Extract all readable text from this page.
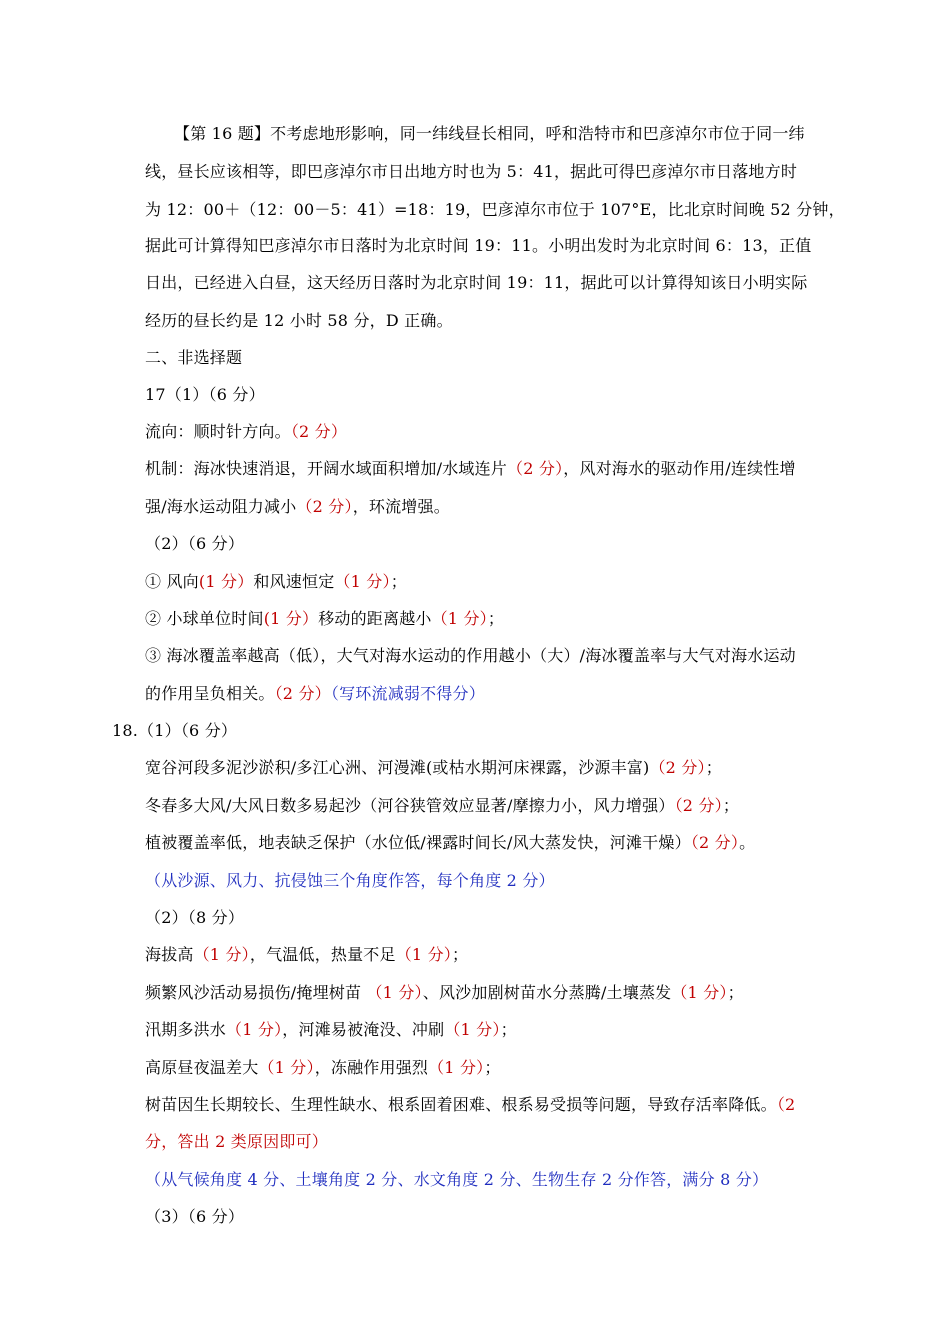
【第 16 题】不考虑地形影响，同一纬线昼长相同，呼和浩特市和巴彦淖尔市位于同一纬
线，昼长应该相等，即巴彦淖尔市日出地方时也为 5：41，据此可得巴彦淖尔市日落地方时
为 12：00＋（12：00－5：41）=18：19，巴彦淖尔市位于 107°E，比北京时间晚 52 分钟，
据此可计算得知巴彦淖尔市日落时为北京时间 19：11。小明出发时为北京时间 6：13，正值
日出，已经进入白昼，这天经历日落时为北京时间 19：11，据此可以计算得知该日小明实际
经历的昼长约是 12 小时 58 分，D 正确。
二、非选择题
17（1）（6 分）
流向：顺时针方向。（2 分）
机制：海冰快速消退，开阔水域面积增加/水域连片（2 分），风对海水的驱动作用/连续性增
强/海水运动阻力减小（2 分），环流增强。
（2）（6 分）
① 风向(1 分）和风速恒定（1 分）；
② 小球单位时间(1 分）移动的距离越小（1 分）；
③ 海冰覆盖率越高（低），大气对海水运动的作用越小（大）/海冰覆盖率与大气对海水运动
的作用呈负相关。（2 分）（写环流减弱不得分）
18.（1）（6 分）
宽谷河段多泥沙淤积/多江心洲、河漫滩(或枯水期河床裸露，沙源丰富)（2 分）；
冬春多大风/大风日数多易起沙（河谷狭管效应显著/摩擦力小，风力增强）（2 分）；
植被覆盖率低，地表缺乏保护（水位低/裸露时间长/风大蒸发快，河滩干燥）（2 分）。
（从沙源、风力、抗侵蚀三个角度作答，每个角度 2 分）
（2）（8 分）
海拔高（1 分），气温低，热量不足（1 分）；
频繁风沙活动易损伤/掩埋树苗 （1 分）、风沙加剧树苗水分蒸腾/土壤蒸发（1 分）；
汛期多洪水（1 分），河滩易被淹没、冲刷（1 分）；
高原昼夜温差大（1 分），冻融作用强烈（1 分）；
树苗因生长期较长、生理性缺水、根系固着困难、根系易受损等问题，导致存活率降低。（2
分，答出 2 类原因即可）
（从气候角度 4 分、土壤角度 2 分、水文角度 2 分、生物生存 2 分作答，满分 8 分）
（3）（6 分）
